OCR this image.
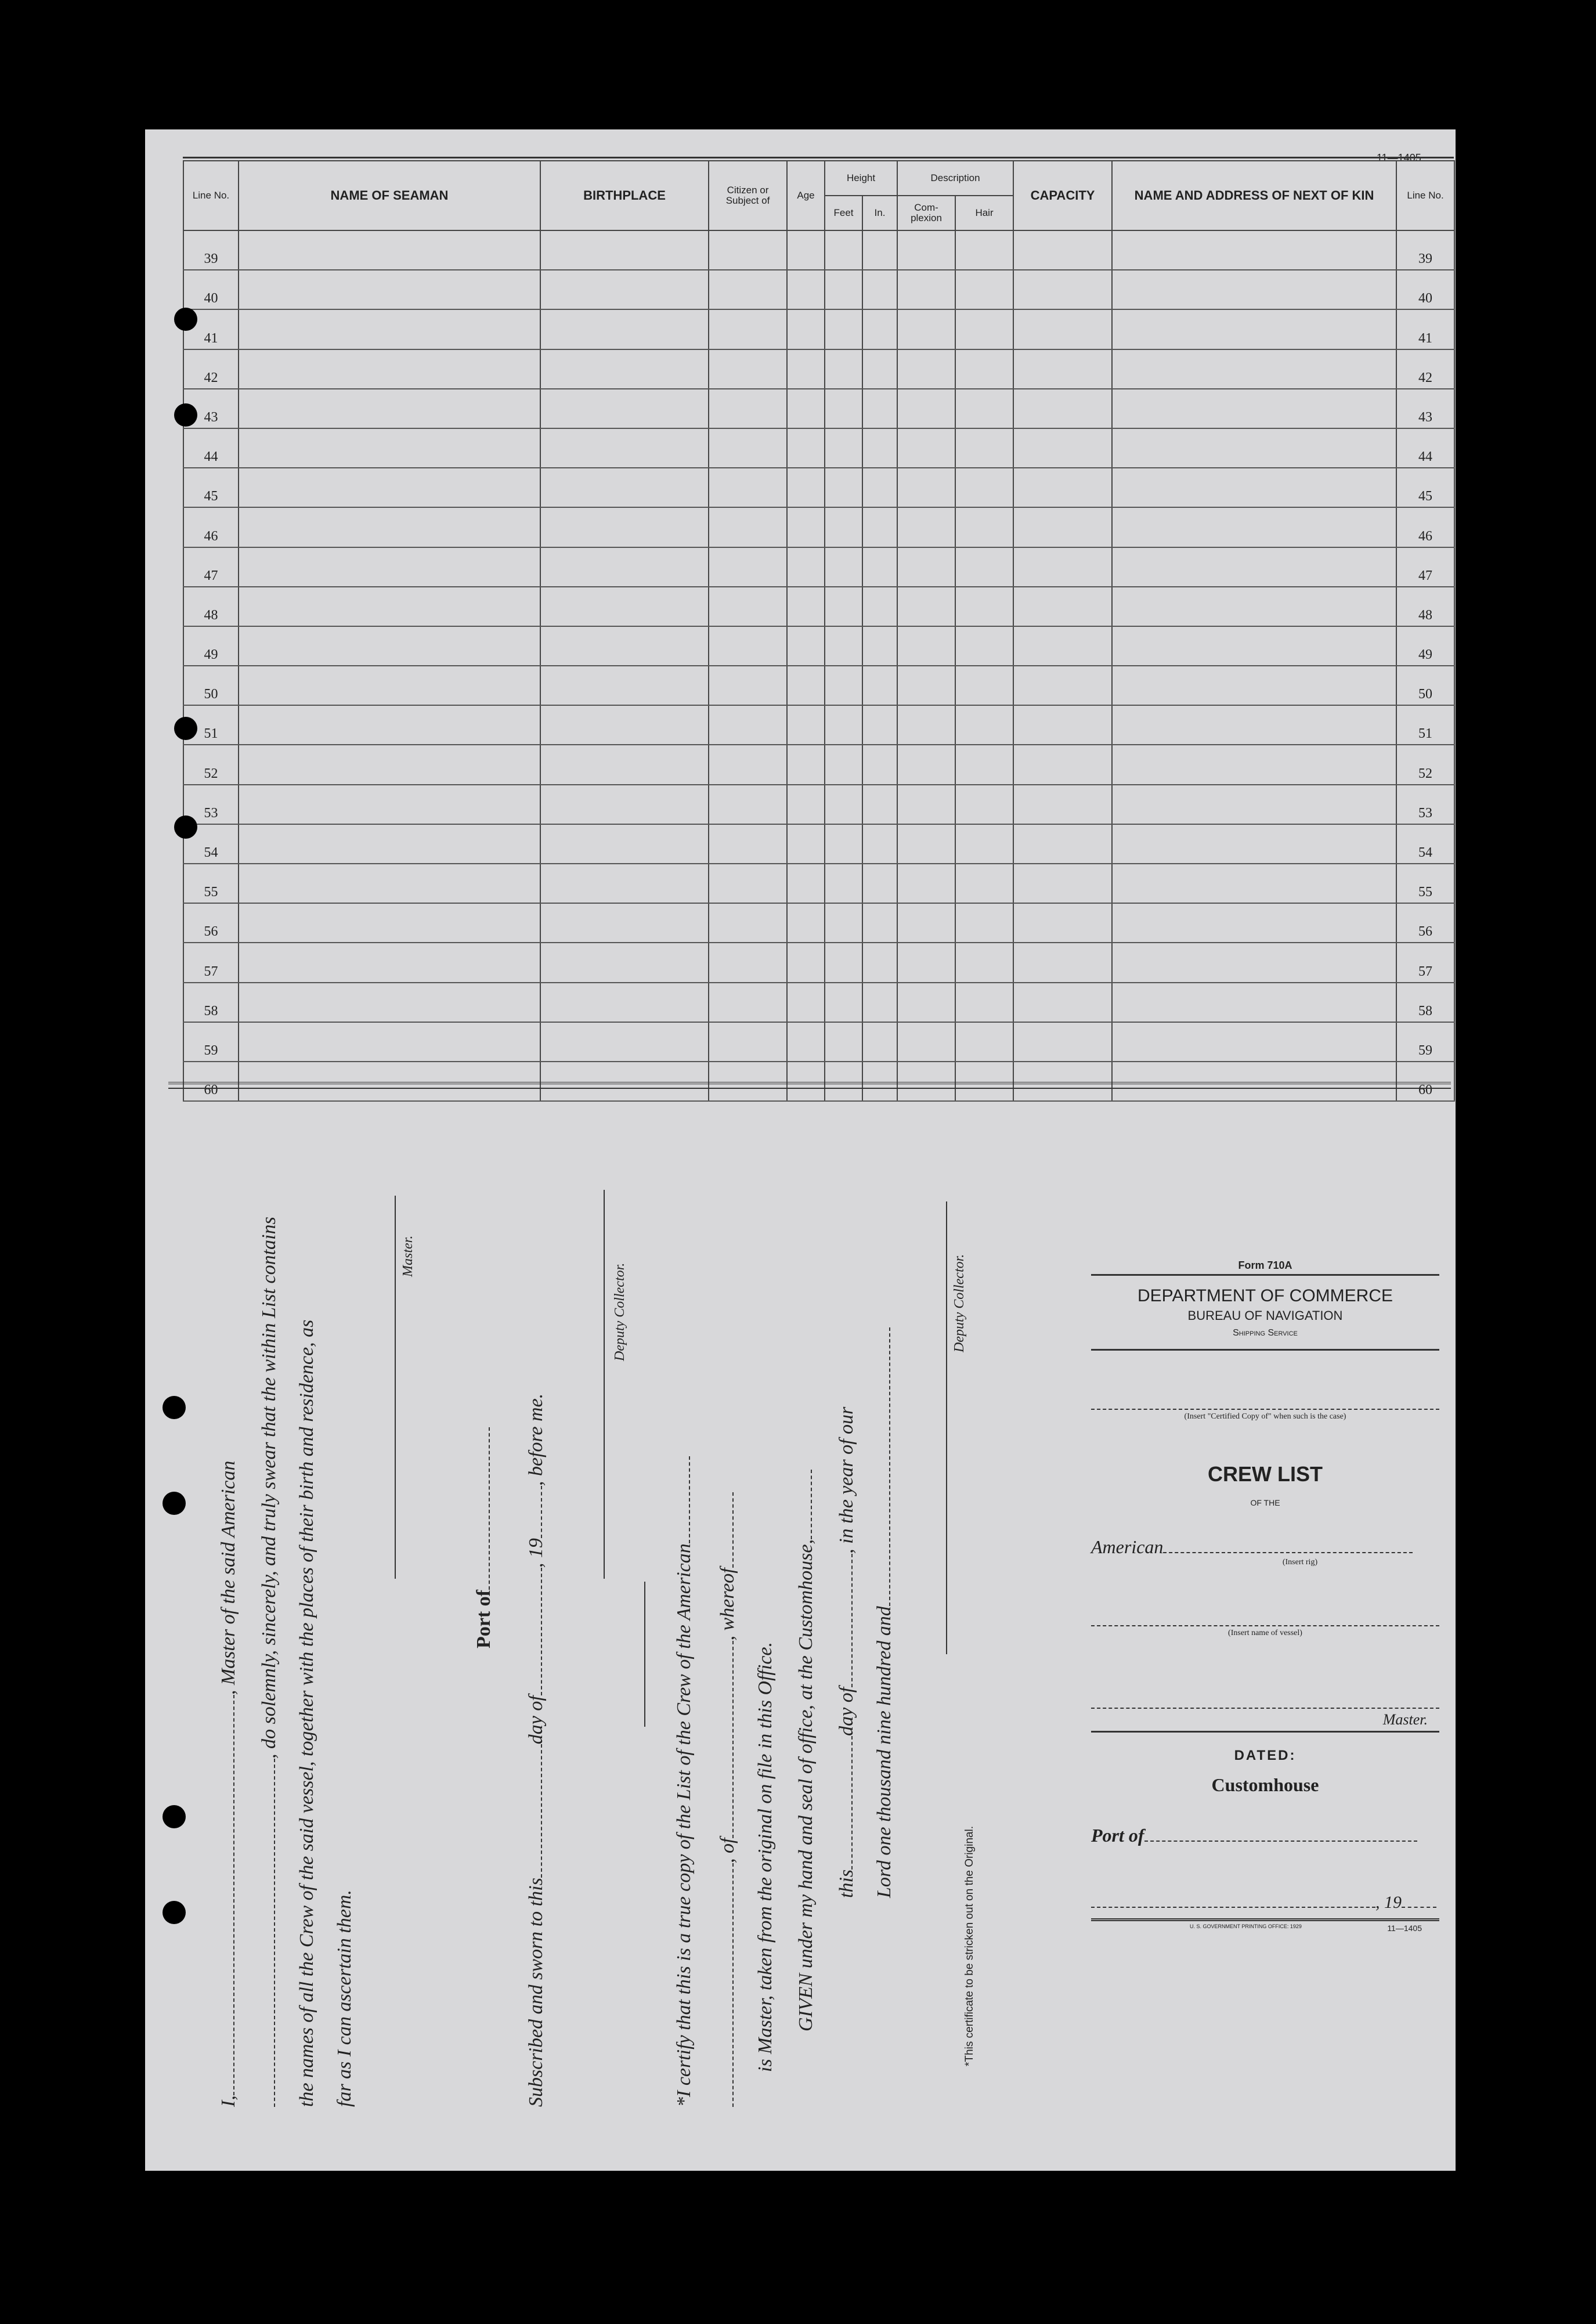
11—1405
Line No.	NAME OF SEAMAN	BIRTHPLACE	Citizen or Subject of	Age	Height		Description		CAPACITY	NAME AND ADDRESS OF NEXT OF KIN	Line No.
					Feet	In.	Com-plexion	Hair			
39											39
40											40
41											41
42											42
43											43
44											44
45											45
46											46
47											47
48											48
49											49
50											50
51											51
52											52
53											53
54											54
55											55
56											56
57											57
58											58
59											59
60											60
I,, Master of the said American , do solemnly, sincerely, and truly swear that the within List contains the names of all the Crew of the said vessel, together with the places of their birth and residence, as far as I can ascertain them.
Master.
Port of
Subscribed and sworn to thisday of, 19, before me.
Deputy Collector.
*I certify that this is a true copy of the List of the Crew of the American , of, whereof
is Master, taken from the original on file in this Office. GIVEN under my hand and seal of office, at the Customhouse, thisday of, in the year of our
Lord one thousand nine hundred and
Deputy Collector.
*This certificate to be stricken out on the Original.
Form 710A
DEPARTMENT OF COMMERCE
BUREAU OF NAVIGATION
Shipping Service
(Insert "Certified Copy of" when such is the case)
CREW LIST
OF THE
American
(Insert rig)
(Insert name of vessel)
Master.
DATED:
Customhouse
Port of
, 19
U. S. GOVERNMENT PRINTING OFFICE: 1929	11—1405
